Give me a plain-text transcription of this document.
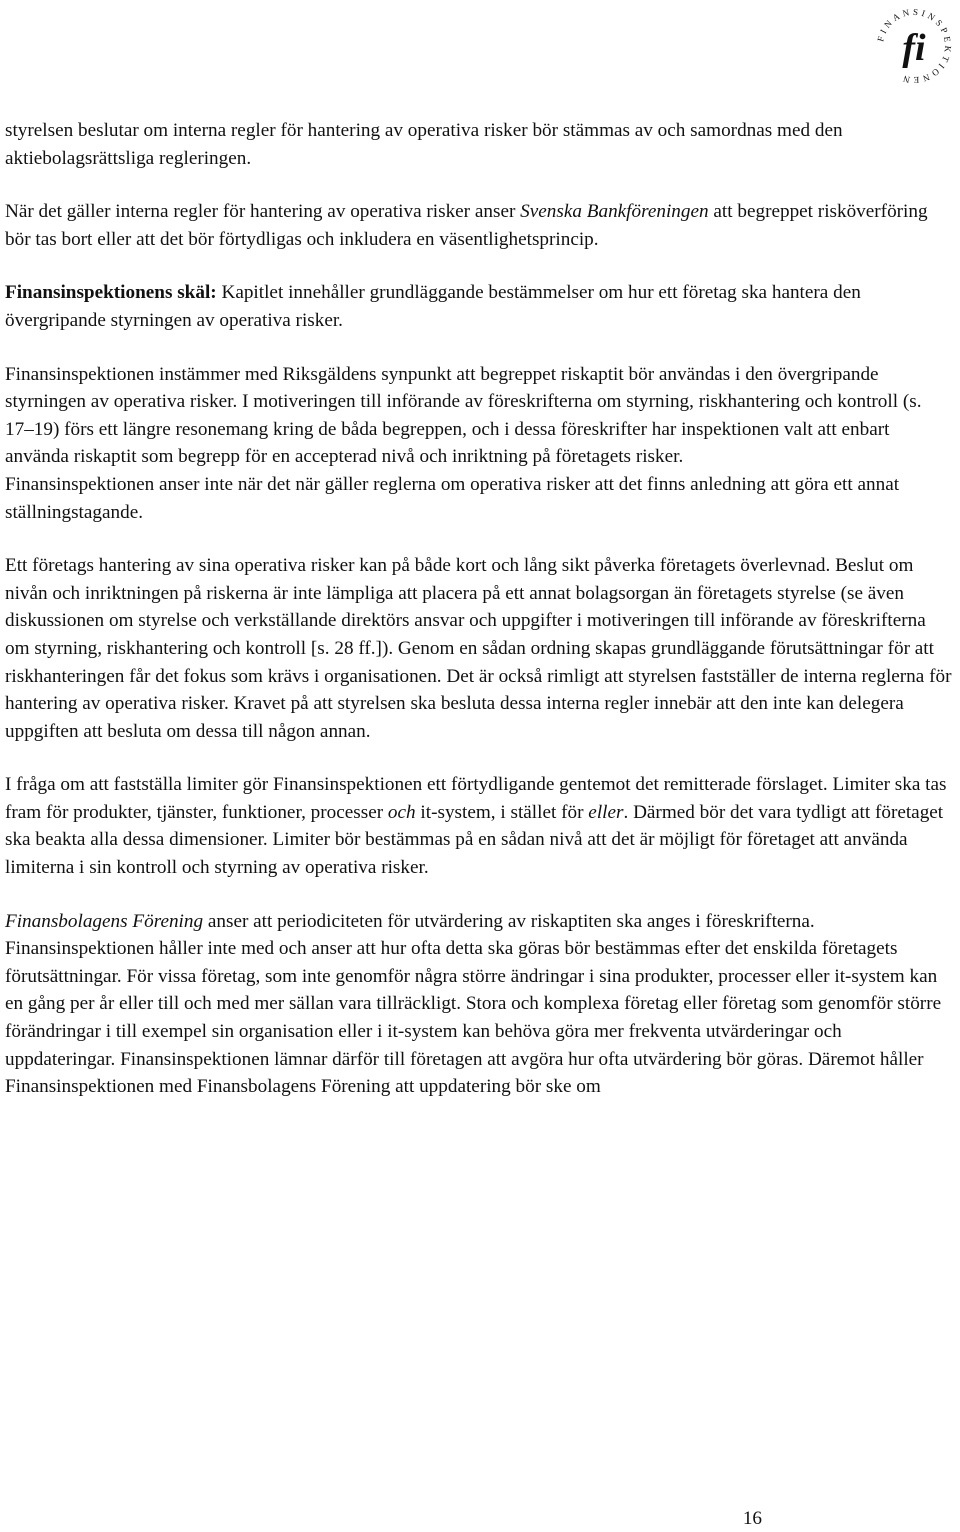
FINANSINSPEKTIONEN
fi

styrelsen beslutar om interna regler för hantering av operativa risker bör stämmas av och samordnas med den aktiebolagsrättsliga regleringen.

När det gäller interna regler för hantering av operativa risker anser Svenska Bankföreningen att begreppet risköverföring bör tas bort eller att det bör förtydligas och inkludera en väsentlighetsprincip.

Finansinspektionens skäl: Kapitlet innehåller grundläggande bestämmelser om hur ett företag ska hantera den övergripande styrningen av operativa risker.

Finansinspektionen instämmer med Riksgäldens synpunkt att begreppet riskaptit bör användas i den övergripande styrningen av operativa risker. I motiveringen till införande av föreskrifterna om styrning, riskhantering och kontroll (s. 17–19) förs ett längre resonemang kring de båda begreppen, och i dessa föreskrifter har inspektionen valt att enbart använda riskaptit som begrepp för en accepterad nivå och inriktning på företagets risker.

Finansinspektionen anser inte när det när gäller reglerna om operativa risker att det finns anledning att göra ett annat ställningstagande.

Ett företags hantering av sina operativa risker kan på både kort och lång sikt påverka företagets överlevnad. Beslut om nivån och inriktningen på riskerna är inte lämpliga att placera på ett annat bolagsorgan än företagets styrelse (se även diskussionen om styrelse och verkställande direktörs ansvar och uppgifter i motiveringen till införande av föreskrifterna om styrning, riskhantering och kontroll [s. 28 ff.]). Genom en sådan ordning skapas grundläggande förutsättningar för att riskhanteringen får det fokus som krävs i organisationen. Det är också rimligt att styrelsen fastställer de interna reglerna för hantering av operativa risker. Kravet på att styrelsen ska besluta dessa interna regler innebär att den inte kan delegera uppgiften att besluta om dessa till någon annan.

I fråga om att fastställa limiter gör Finansinspektionen ett förtydligande gentemot det remitterade förslaget. Limiter ska tas fram för produkter, tjänster, funktioner, processer och it-system, i stället för eller. Därmed bör det vara tydligt att företaget ska beakta alla dessa dimensioner. Limiter bör bestämmas på en sådan nivå att det är möjligt för företaget att använda limiterna i sin kontroll och styrning av operativa risker.

Finansbolagens Förening anser att periodiciteten för utvärdering av riskaptiten ska anges i föreskrifterna. Finansinspektionen håller inte med och anser att hur ofta detta ska göras bör bestämmas efter det enskilda företagets förutsättningar. För vissa företag, som inte genomför några större ändringar i sina produkter, processer eller it-system kan en gång per år eller till och med mer sällan vara tillräckligt. Stora och komplexa företag eller företag som genomför större förändringar i till exempel sin organisation eller i it-system kan behöva göra mer frekventa utvärderingar och uppdateringar. Finansinspektionen lämnar därför till företagen att avgöra hur ofta utvärdering bör göras. Däremot håller Finansinspektionen med Finansbolagens Förening att uppdatering bör ske om

16
